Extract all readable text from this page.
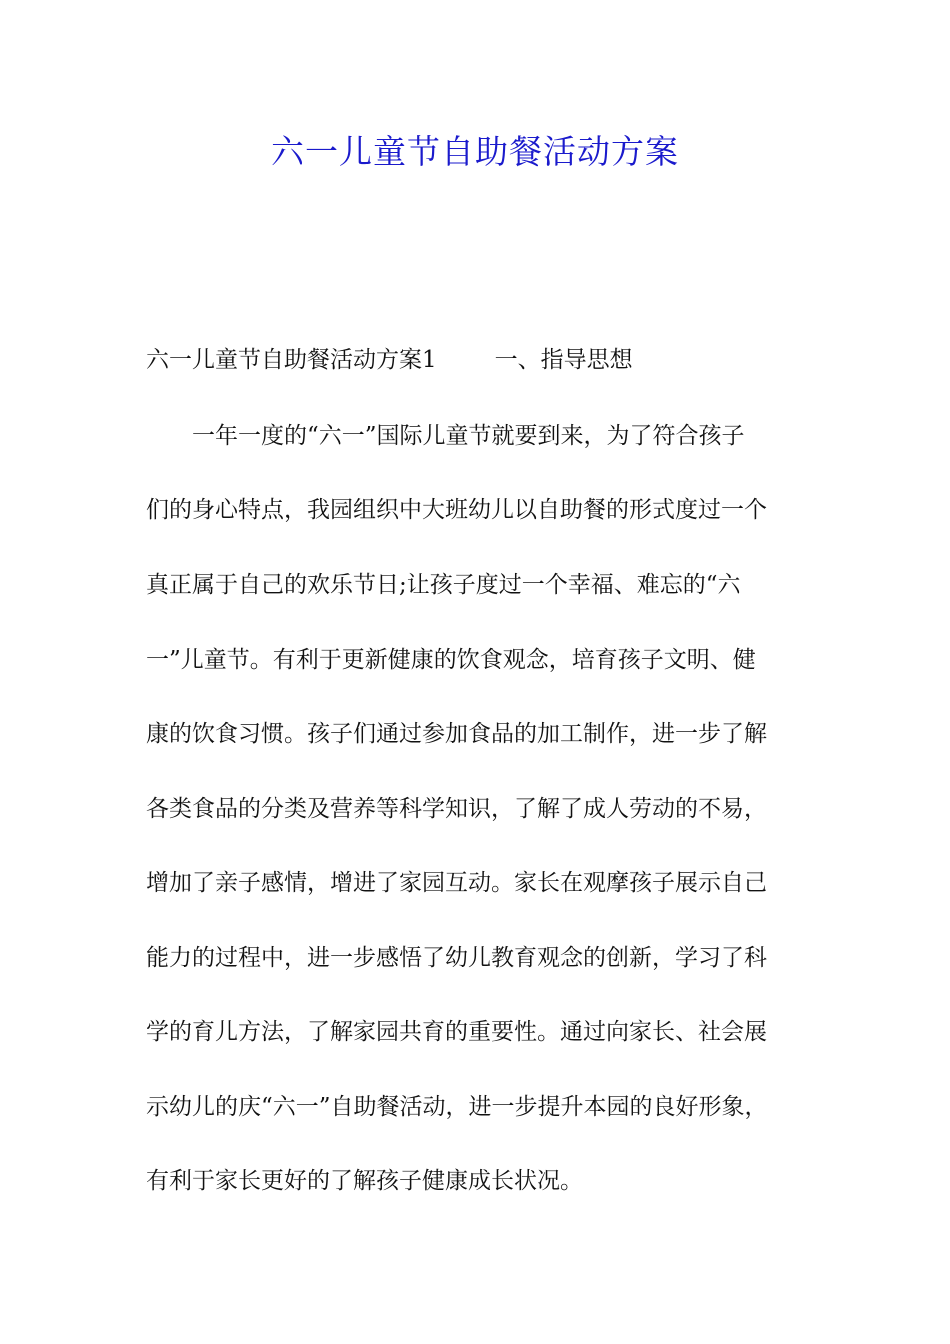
六一儿童节自助餐活动方案
六一儿童节自助餐活动方案1	一、指导思想
一年一度的“六一”国际儿童节就要到来，为了符合孩子
们的身心特点，我园组织中大班幼儿以自助餐的形式度过一个
真正属于自己的欢乐节日;让孩子度过一个幸福、难忘的“六
一”儿童节。有利于更新健康的饮食观念，培育孩子文明、健
康的饮食习惯。孩子们通过参加食品的加工制作，进一步了解
各类食品的分类及营养等科学知识，了解了成人劳动的不易，
增加了亲子感情，增进了家园互动。家长在观摩孩子展示自己
能力的过程中，进一步感悟了幼儿教育观念的创新，学习了科
学的育儿方法，了解家园共育的重要性。通过向家长、社会展
示幼儿的庆“六一”自助餐活动，进一步提升本园的良好形象，
有利于家长更好的了解孩子健康成长状况。
